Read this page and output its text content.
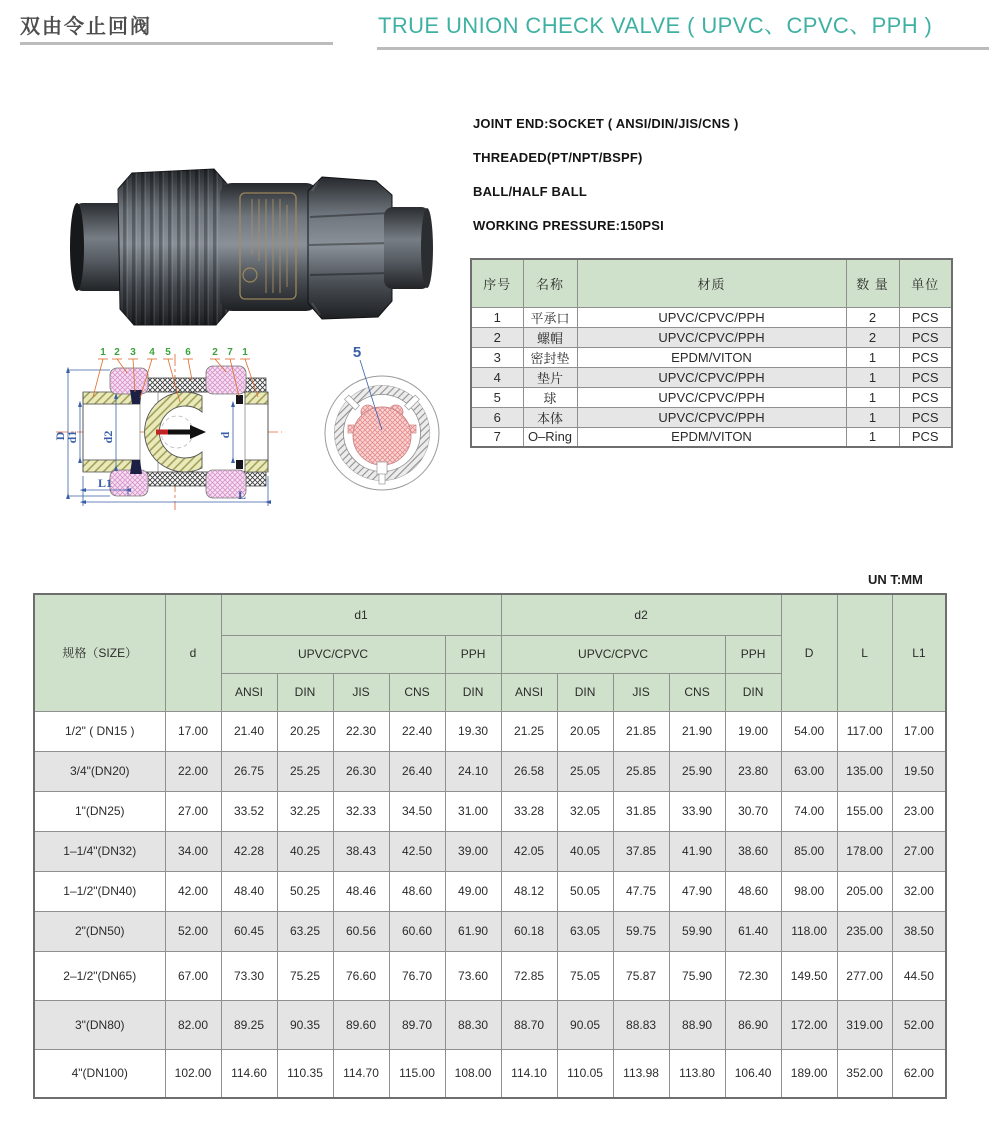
双由令止回阀	TRUE UNION CHECK VALVE ( UPVC、CPVC、PPH )
JOINT END:SOCKET ( ANSI/DIN/JIS/CNS )
THREADED(PT/NPT/BSPF)
BALL/HALF BALL
WORKING PRESSURE:150PSI
序号	名称	材质	数 量	单位
1	平承口	UPVC/CPVC/PPH	2	PCS
2	螺帽	UPVC/CPVC/PPH	2	PCS
3	密封垫	EPDM/VITON	1	PCS
4	垫片	UPVC/CPVC/PPH	1	PCS
5	球	UPVC/CPVC/PPH	1	PCS
6	本体	UPVC/CPVC/PPH	1	PCS
7	O–Ring	EPDM/VITON	1	PCS
D
d1 d2	d
L1
L
1 2 3 4 5 6 2 7 1	5
UN T:MM
规格（SIZE）	d	d1					d2					D	L	L1
		UPVC/CPVC				PPH	UPVC/CPVC				PPH			
		ANSI	DIN	JIS	CNS	DIN	ANSI	DIN	JIS	CNS	DIN			
1/2" ( DN15 )	17.00	21.40	20.25	22.30	22.40	19.30	21.25	20.05	21.85	21.90	19.00	54.00	117.00	17.00
3/4"(DN20)	22.00	26.75	25.25	26.30	26.40	24.10	26.58	25.05	25.85	25.90	23.80	63.00	135.00	19.50
1"(DN25)	27.00	33.52	32.25	32.33	34.50	31.00	33.28	32.05	31.85	33.90	30.70	74.00	155.00	23.00
1–1/4"(DN32)	34.00	42.28	40.25	38.43	42.50	39.00	42.05	40.05	37.85	41.90	38.60	85.00	178.00	27.00
1–1/2"(DN40)	42.00	48.40	50.25	48.46	48.60	49.00	48.12	50.05	47.75	47.90	48.60	98.00	205.00	32.00
2"(DN50)	52.00	60.45	63.25	60.56	60.60	61.90	60.18	63.05	59.75	59.90	61.40	118.00	235.00	38.50
2–1/2"(DN65)	67.00	73.30	75.25	76.60	76.70	73.60	72.85	75.05	75.87	75.90	72.30	149.50	277.00	44.50
3"(DN80)	82.00	89.25	90.35	89.60	89.70	88.30	88.70	90.05	88.83	88.90	86.90	172.00	319.00	52.00
4"(DN100)	102.00	114.60	110.35	114.70	115.00	108.00	114.10	110.05	113.98	113.80	106.40	189.00	352.00	62.00
